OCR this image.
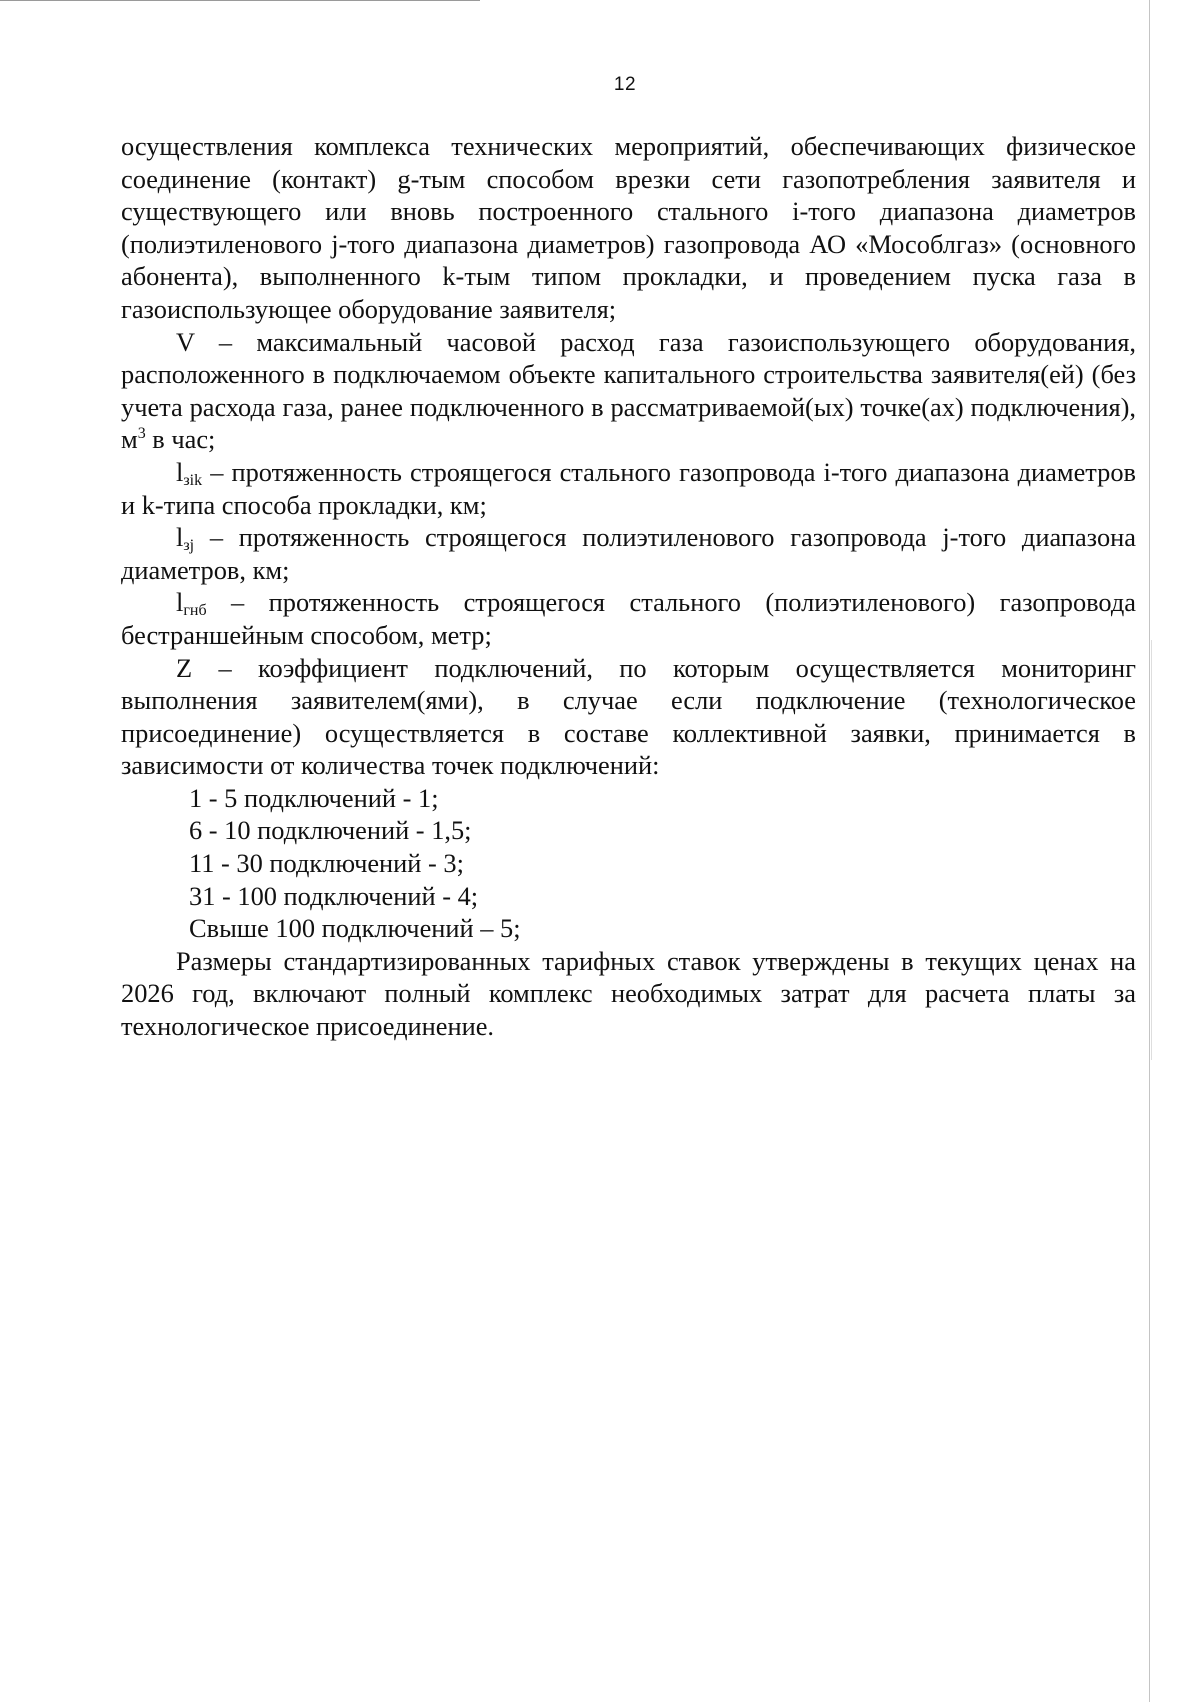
12

осуществления комплекса технических мероприятий, обеспечивающих физическое соединение (контакт) g-тым способом врезки сети газопотребления заявителя и существующего или вновь построенного стального i-того диапазона диаметров (полиэтиленового j-того диапазона диаметров) газопровода АО «Мособлгаз» (основного абонента), выполненного k-тым типом прокладки, и проведением пуска газа в газоиспользующее оборудование заявителя;

V – максимальный часовой расход газа газоиспользующего оборудования, расположенного в подключаемом объекте капитального строительства заявителя(ей) (без учета расхода газа, ранее подключенного в рассматриваемой(ых) точке(ах) подключения), $м^3$ в час;

$l_{зik}$ – протяженность строящегося стального газопровода i-того диапазона диаметров и k-типа способа прокладки, км;

$l_{зj}$ – протяженность строящегося полиэтиленового газопровода j-того диапазона диаметров, км;

$l_{гнб}$ – протяженность строящегося стального (полиэтиленового) газопровода бестраншейным способом, метр;

Z – коэффициент подключений, по которым осуществляется мониторинг выполнения заявителем(ями), в случае если подключение (технологическое присоединение) осуществляется в составе коллективной заявки, принимается в зависимости от количества точек подключений:

1 - 5 подключений - 1;

6 - 10 подключений - 1,5;

11 - 30 подключений - 3;

31 - 100 подключений - 4;

Свыше 100 подключений – 5;

Размеры стандартизированных тарифных ставок утверждены в текущих ценах на 2026 год, включают полный комплекс необходимых затрат для расчета платы за технологическое присоединение.
